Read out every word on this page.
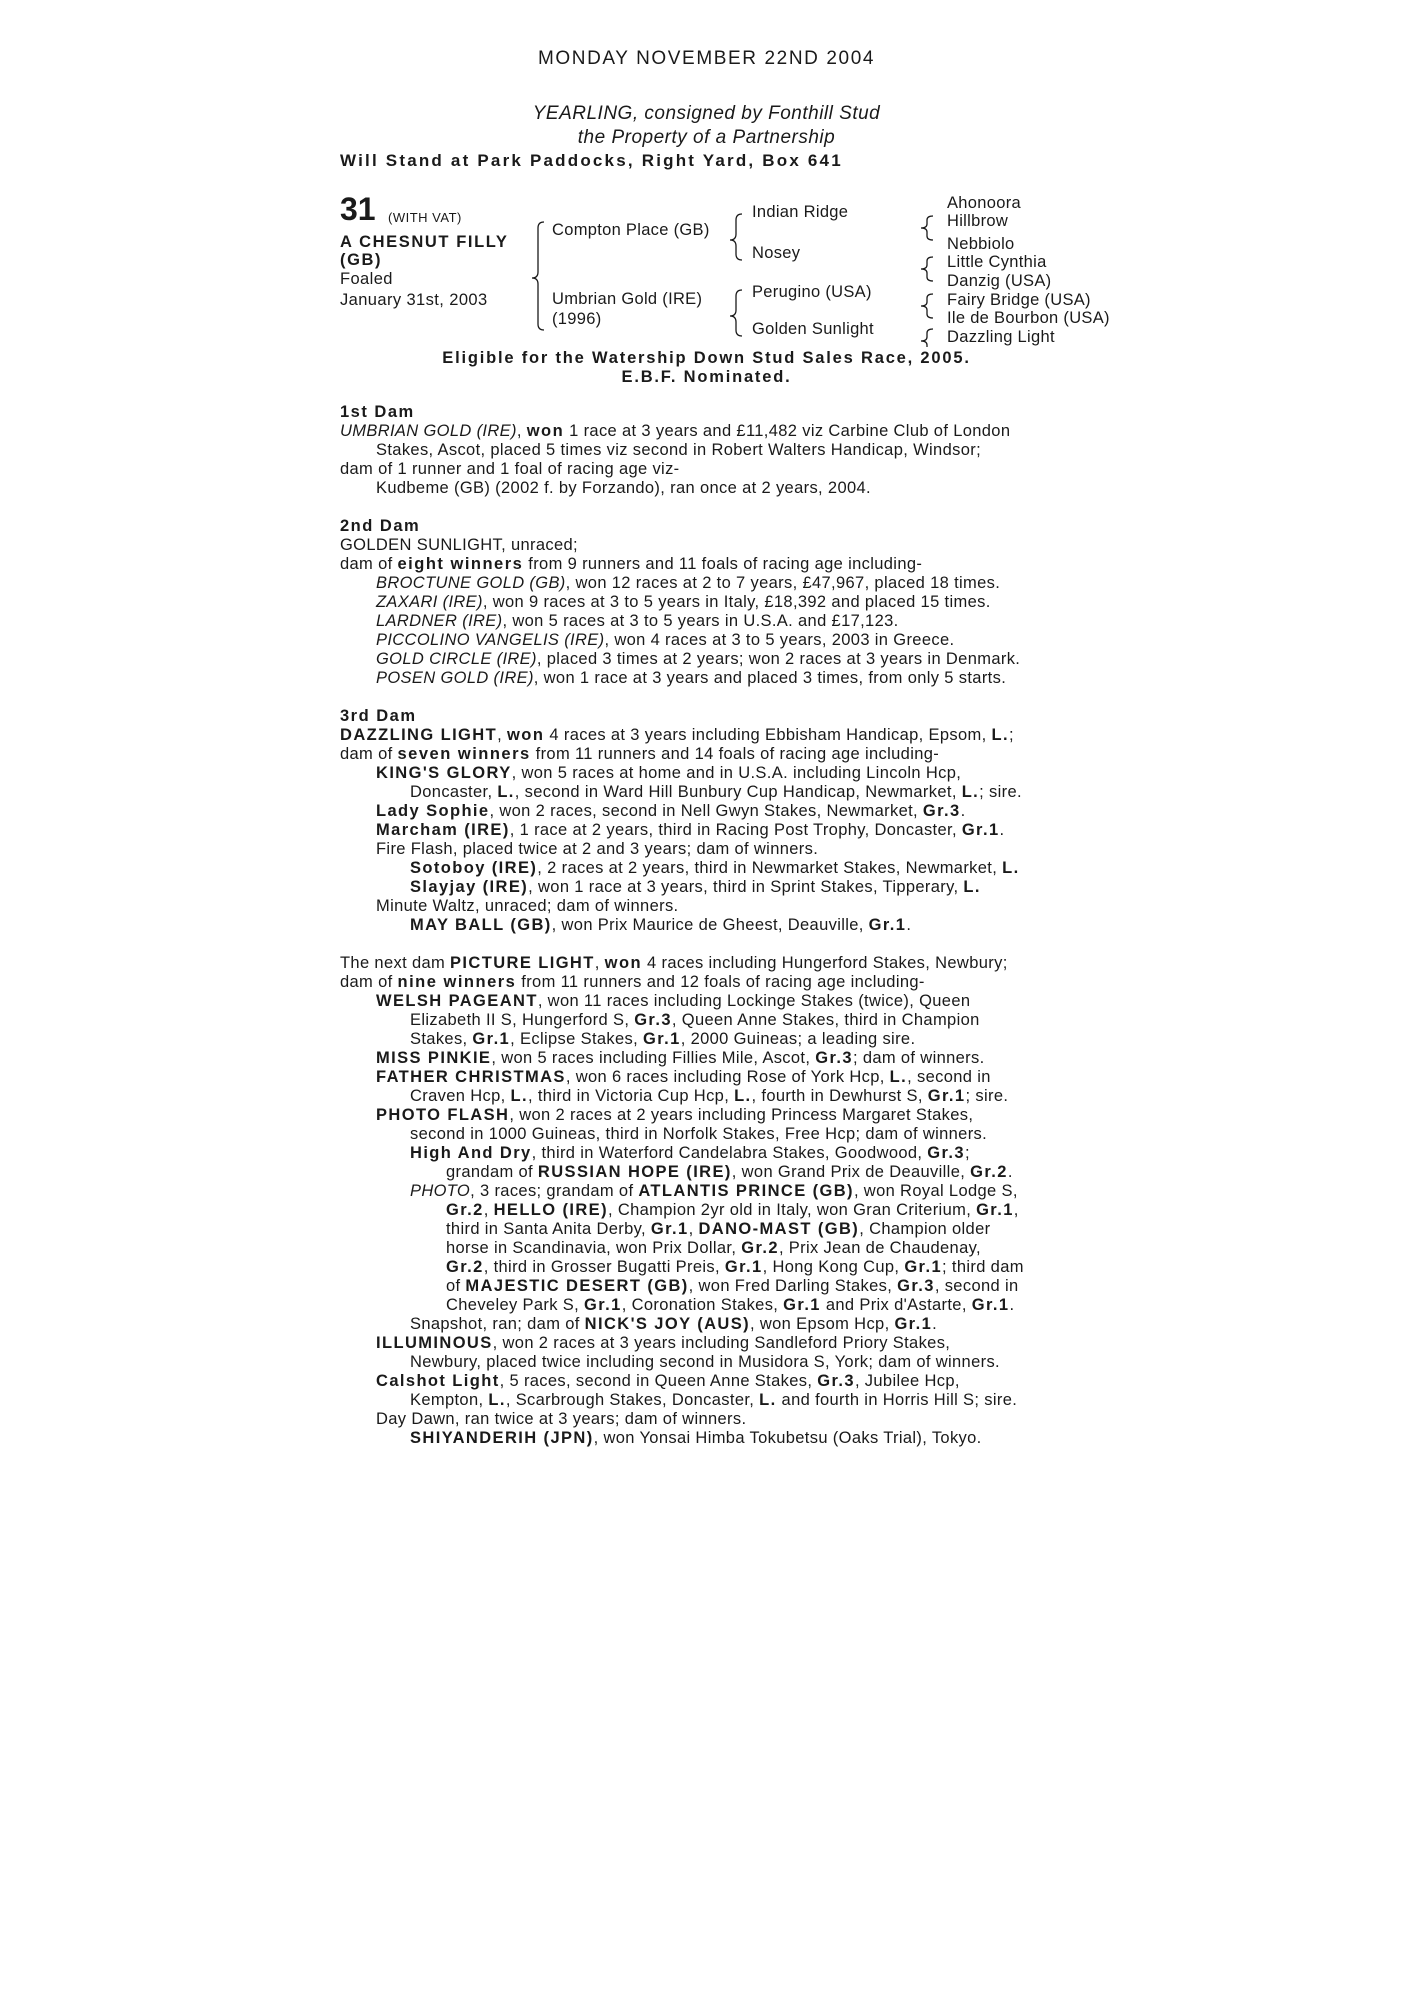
MONDAY NOVEMBER 22ND 2004
YEARLING, consigned by Fonthill Stud
the Property of a Partnership
Will Stand at Park Paddocks, Right Yard, Box 641
31 (WITH VAT)
A CHESNUT FILLY
(GB)
Foaled
January 31st, 2003
Compton Place (GB)
Umbrian Gold (IRE)
(1996)
Indian Ridge
Nosey
Perugino (USA)
Golden Sunlight
Ahonoora
Hillbrow
Nebbiolo
Little Cynthia
Danzig (USA)
Fairy Bridge (USA)
Ile de Bourbon (USA)
Dazzling Light
Eligible for the Watership Down Stud Sales Race, 2005.
E.B.F. Nominated.
1st Dam
UMBRIAN GOLD (IRE), won 1 race at 3 years and £11,482 viz Carbine Club of London
Stakes, Ascot, placed 5 times viz second in Robert Walters Handicap, Windsor;
dam of 1 runner and 1 foal of racing age viz-
Kudbeme (GB) (2002 f. by Forzando), ran once at 2 years, 2004.
2nd Dam
GOLDEN SUNLIGHT, unraced;
dam of eight winners from 9 runners and 11 foals of racing age including-
BROCTUNE GOLD (GB), won 12 races at 2 to 7 years, £47,967, placed 18 times.
ZAXARI (IRE), won 9 races at 3 to 5 years in Italy, £18,392 and placed 15 times.
LARDNER (IRE), won 5 races at 3 to 5 years in U.S.A. and £17,123.
PICCOLINO VANGELIS (IRE), won 4 races at 3 to 5 years, 2003 in Greece.
GOLD CIRCLE (IRE), placed 3 times at 2 years; won 2 races at 3 years in Denmark.
POSEN GOLD (IRE), won 1 race at 3 years and placed 3 times, from only 5 starts.
3rd Dam
DAZZLING LIGHT, won 4 races at 3 years including Ebbisham Handicap, Epsom, L.;
dam of seven winners from 11 runners and 14 foals of racing age including-
KING'S GLORY, won 5 races at home and in U.S.A. including Lincoln Hcp,
Doncaster, L., second in Ward Hill Bunbury Cup Handicap, Newmarket, L.; sire.
Lady Sophie, won 2 races, second in Nell Gwyn Stakes, Newmarket, Gr.3.
Marcham (IRE), 1 race at 2 years, third in Racing Post Trophy, Doncaster, Gr.1.
Fire Flash, placed twice at 2 and 3 years; dam of winners.
Sotoboy (IRE), 2 races at 2 years, third in Newmarket Stakes, Newmarket, L.
Slayjay (IRE), won 1 race at 3 years, third in Sprint Stakes, Tipperary, L.
Minute Waltz, unraced; dam of winners.
MAY BALL (GB), won Prix Maurice de Gheest, Deauville, Gr.1.
The next dam PICTURE LIGHT, won 4 races including Hungerford Stakes, Newbury;
dam of nine winners from 11 runners and 12 foals of racing age including-
WELSH PAGEANT, won 11 races including Lockinge Stakes (twice), Queen
Elizabeth II S, Hungerford S, Gr.3, Queen Anne Stakes, third in Champion
Stakes, Gr.1, Eclipse Stakes, Gr.1, 2000 Guineas; a leading sire.
MISS PINKIE, won 5 races including Fillies Mile, Ascot, Gr.3; dam of winners.
FATHER CHRISTMAS, won 6 races including Rose of York Hcp, L., second in
Craven Hcp, L., third in Victoria Cup Hcp, L., fourth in Dewhurst S, Gr.1; sire.
PHOTO FLASH, won 2 races at 2 years including Princess Margaret Stakes,
second in 1000 Guineas, third in Norfolk Stakes, Free Hcp; dam of winners.
High And Dry, third in Waterford Candelabra Stakes, Goodwood, Gr.3;
grandam of RUSSIAN HOPE (IRE), won Grand Prix de Deauville, Gr.2.
PHOTO, 3 races; grandam of ATLANTIS PRINCE (GB), won Royal Lodge S,
Gr.2, HELLO (IRE), Champion 2yr old in Italy, won Gran Criterium, Gr.1,
third in Santa Anita Derby, Gr.1, DANO-MAST (GB), Champion older
horse in Scandinavia, won Prix Dollar, Gr.2, Prix Jean de Chaudenay,
Gr.2, third in Grosser Bugatti Preis, Gr.1, Hong Kong Cup, Gr.1; third dam
of MAJESTIC DESERT (GB), won Fred Darling Stakes, Gr.3, second in
Cheveley Park S, Gr.1, Coronation Stakes, Gr.1 and Prix d'Astarte, Gr.1.
Snapshot, ran; dam of NICK'S JOY (AUS), won Epsom Hcp, Gr.1.
ILLUMINOUS, won 2 races at 3 years including Sandleford Priory Stakes,
Newbury, placed twice including second in Musidora S, York; dam of winners.
Calshot Light, 5 races, second in Queen Anne Stakes, Gr.3, Jubilee Hcp,
Kempton, L., Scarbrough Stakes, Doncaster, L. and fourth in Horris Hill S; sire.
Day Dawn, ran twice at 3 years; dam of winners.
SHIYANDERIH (JPN), won Yonsai Himba Tokubetsu (Oaks Trial), Tokyo.
